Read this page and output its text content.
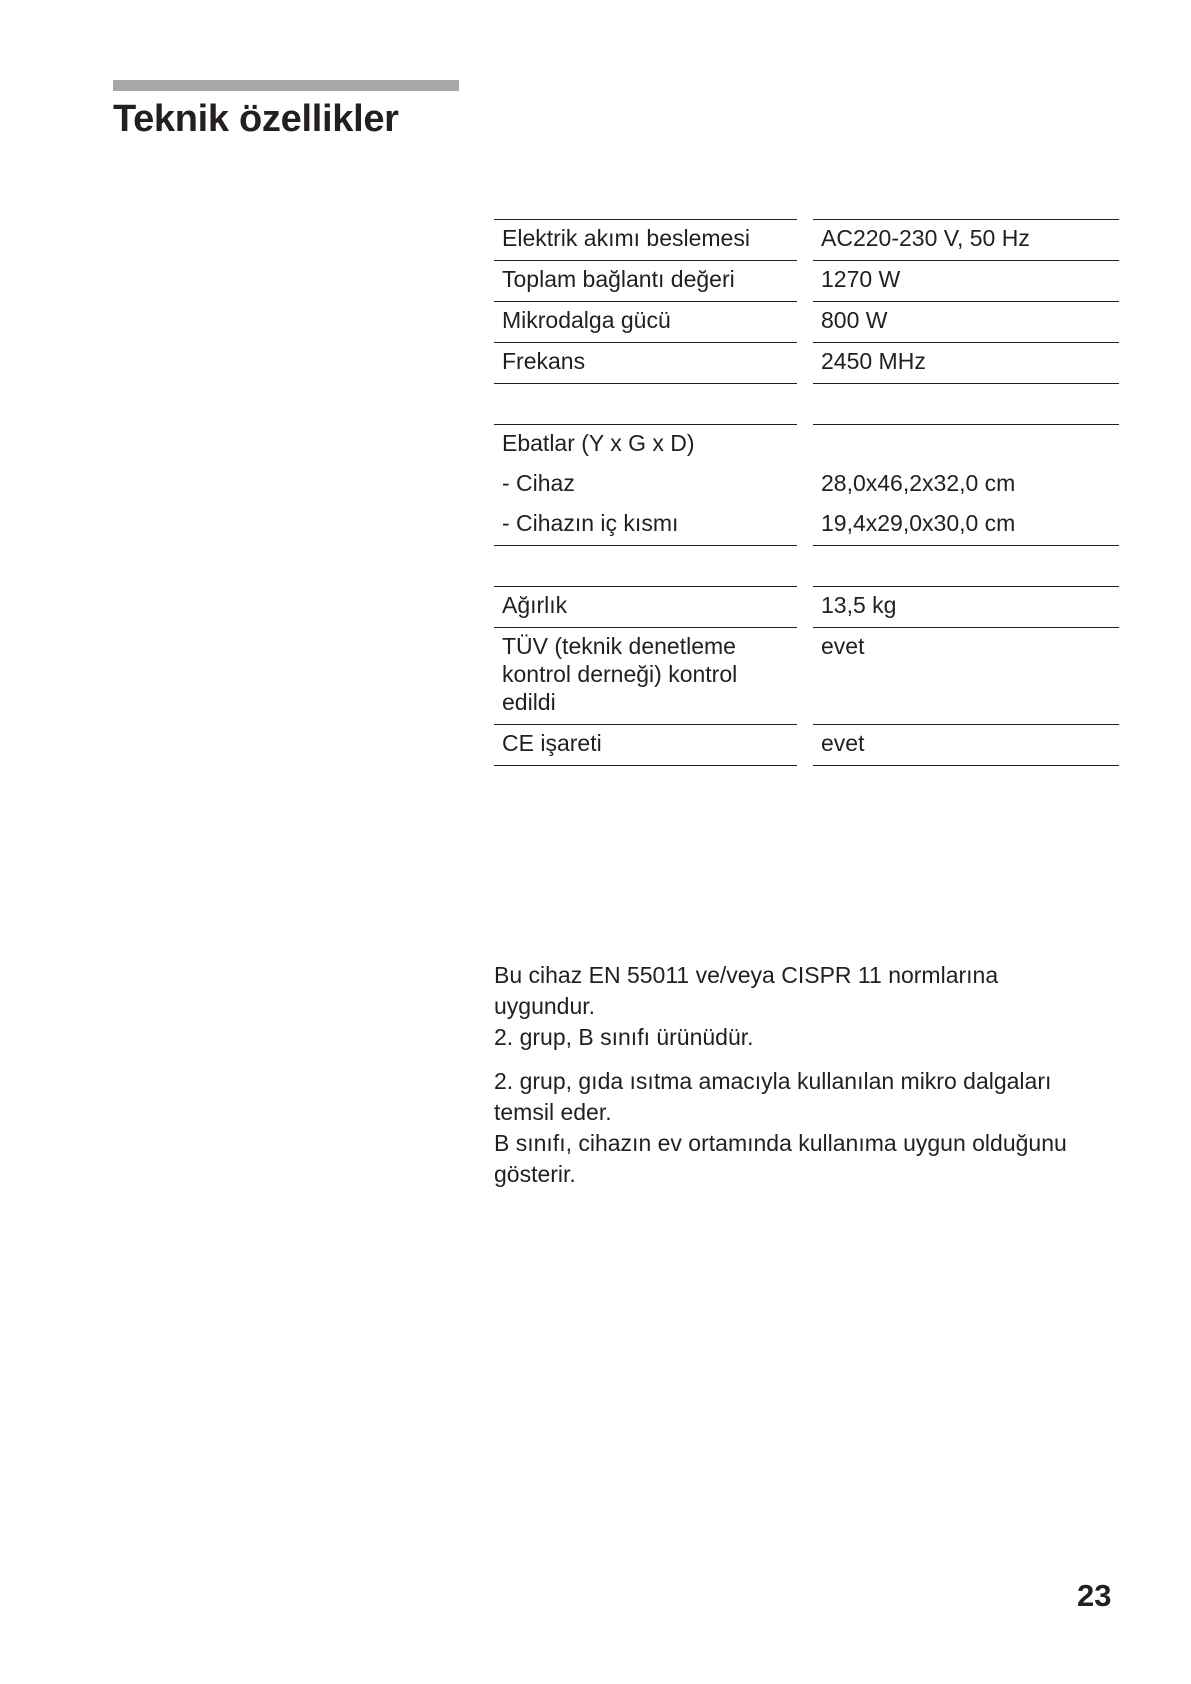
Teknik özellikler
Elektrik akımı beslemesi		AC220-230 V, 50 Hz
Toplam bağlantı değeri		1270 W
Mikrodalga gücü		800 W
Frekans		2450 MHz

Ebatlar (Y x G x D)		
- Cihaz		28,0x46,2x32,0 cm
- Cihazın iç kısmı		19,4x29,0x30,0 cm

Ağırlık		13,5 kg

TÜV (teknik denetleme
kontrol derneği) kontrol
edildi		evet
CE işareti		evet

Bu cihaz EN 55011 ve/veya CISPR 11 normlarına
uygundur.
2. grup, B sınıfı ürünüdür.

2. grup, gıda ısıtma amacıyla kullanılan mikro dalgaları
temsil eder.
B sınıfı, cihazın ev ortamında kullanıma uygun olduğunu
gösterir.

23
